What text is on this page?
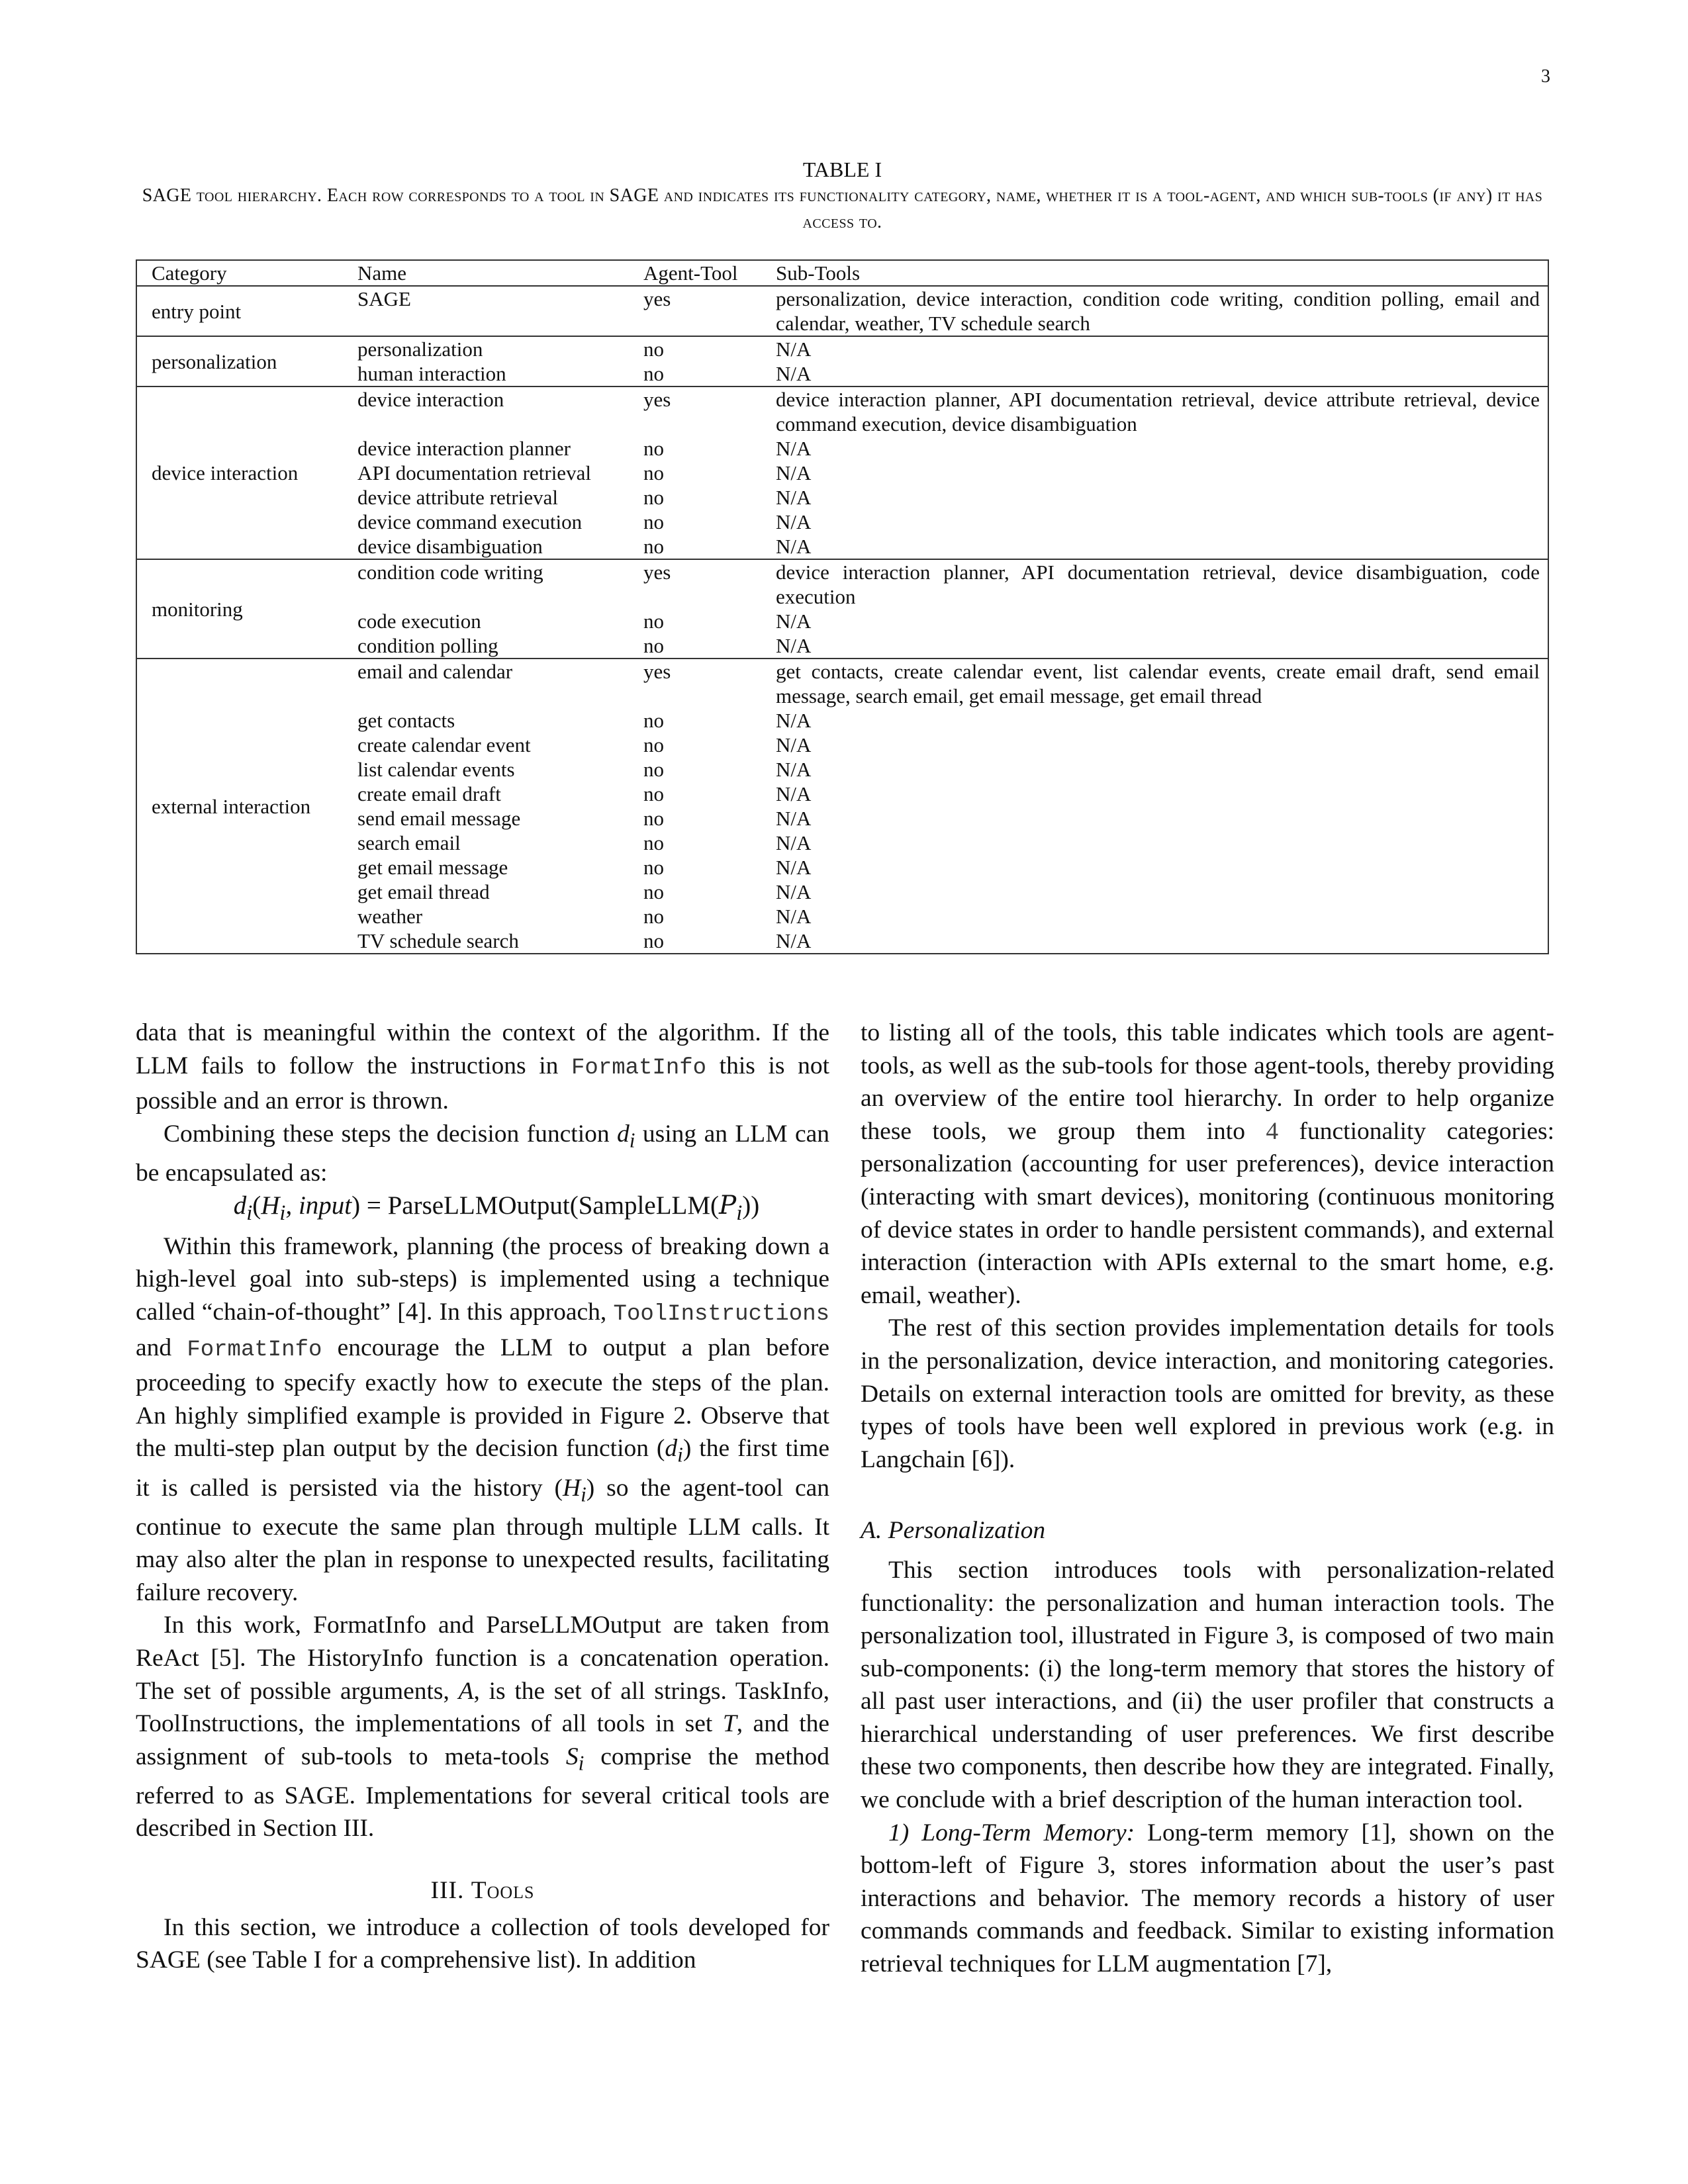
3
TABLE I
SAGE tool hierarchy. Each row corresponds to a tool in SAGE and indicates its functionality category, name, whether it is a tool-agent, and which sub-tools (if any) it has access to.
Category	Name	Agent-Tool	Sub-Tools
entry point	SAGE	yes	personalization, device interaction, condition code writing, condition polling, email and calendar, weather, TV schedule search
personalization	personalization	no	N/A
	human interaction	no	N/A
device interaction	device interaction	yes	device interaction planner, API documentation retrieval, device attribute retrieval, device command execution, device disambiguation
	device interaction planner	no	N/A
	API documentation retrieval	no	N/A
	device attribute retrieval	no	N/A
	device command execution	no	N/A
	device disambiguation	no	N/A
monitoring	condition code writing	yes	device interaction planner, API documentation retrieval, device disambiguation, code execution
	code execution	no	N/A
	condition polling	no	N/A
external interaction	email and calendar	yes	get contacts, create calendar event, list calendar events, create email draft, send email message, search email, get email message, get email thread
	get contacts	no	N/A
	create calendar event	no	N/A
	list calendar events	no	N/A
	create email draft	no	N/A
	send email message	no	N/A
	search email	no	N/A
	get email message	no	N/A
	get email thread	no	N/A
	weather	no	N/A
	TV schedule search	no	N/A

data that is meaningful within the context of the algorithm. If the LLM fails to follow the instructions in FormatInfo this is not possible and an error is thrown.

Combining these steps the decision function $d_i$ using an LLM can be encapsulated as:

$d_i(H_i$, input) = $ParseLLMOutput(SampleLLM(P_i))$

Within this framework, planning (the process of breaking down a high-level goal into sub-steps) is implemented using a technique called “chain-of-thought” [4]. In this approach, ToolInstructions and FormatInfo encourage the LLM to output a plan before proceeding to specify exactly how to execute the steps of the plan. An highly simplified example is provided in Figure 2. Observe that the multi-step plan output by the decision function $(d_i)$ the first time it is called is persisted via the history $(H_i)$ so the agent-tool can continue to execute the same plan through multiple LLM calls. It may also alter the plan in response to unexpected results, facilitating failure recovery.

In this work, FormatInfo and ParseLLMOutput are taken from ReAct [5]. The HistoryInfo function is a concatenation operation. The set of possible arguments, A, is the set of all strings. TaskInfo, ToolInstructions, the implementations of all tools in set T, and the assignment of sub-tools to meta-tools $S_i$ comprise the method referred to as SAGE. Implementations for several critical tools are described in Section III.

III. Tools

In this section, we introduce a collection of tools developed for SAGE (see Table I for a comprehensive list). In addition

to listing all of the tools, this table indicates which tools are agent-tools, as well as the sub-tools for those agent-tools, thereby providing an overview of the entire tool hierarchy. In order to help organize these tools, we group them into 4 functionality categories: personalization (accounting for user preferences), device interaction (interacting with smart devices), monitoring (continuous monitoring of device states in order to handle persistent commands), and external interaction (interaction with APIs external to the smart home, e.g. email, weather).

The rest of this section provides implementation details for tools in the personalization, device interaction, and monitoring categories. Details on external interaction tools are omitted for brevity, as these types of tools have been well explored in previous work (e.g. in Langchain [6]).

A. Personalization

This section introduces tools with personalization-related functionality: the personalization and human interaction tools. The personalization tool, illustrated in Figure 3, is composed of two main sub-components: (i) the long-term memory that stores the history of all past user interactions, and (ii) the user profiler that constructs a hierarchical understanding of user preferences. We first describe these two components, then describe how they are integrated. Finally, we conclude with a brief description of the human interaction tool.

1) Long-Term Memory: Long-term memory [1], shown on the bottom-left of Figure 3, stores information about the user’s past interactions and behavior. The memory records a history of user commands commands and feedback. Similar to existing information retrieval techniques for LLM augmentation [7],
